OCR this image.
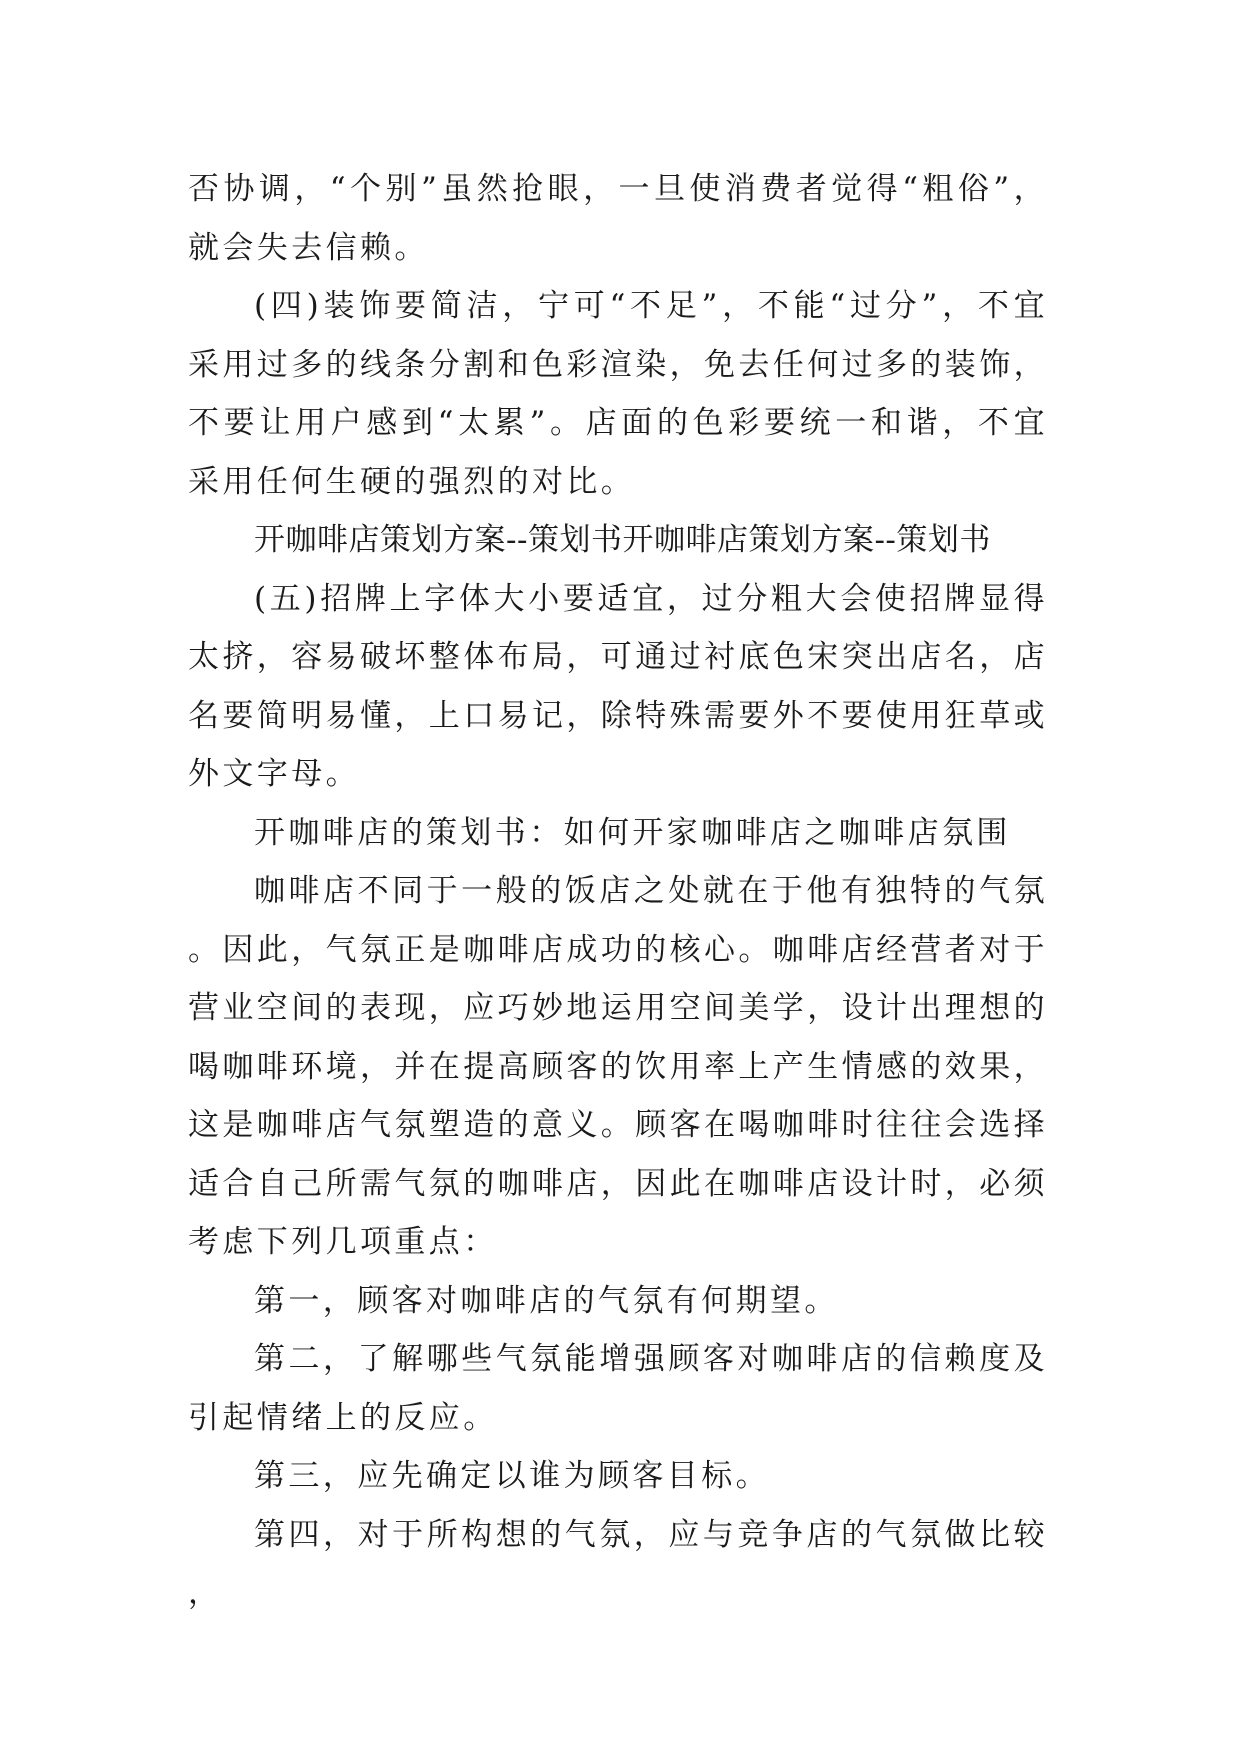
否协调，“个别”虽然抢眼，一旦使消费者觉得“粗俗”，就会失去信赖。

(四)装饰要简洁，宁可“不足”，不能“过分”，不宜采用过多的线条分割和色彩渲染，免去任何过多的装饰，不要让用户感到“太累”。店面的色彩要统一和谐，不宜采用任何生硬的强烈的对比。

开咖啡店策划方案--策划书开咖啡店策划方案--策划书

(五)招牌上字体大小要适宜，过分粗大会使招牌显得太挤，容易破坏整体布局，可通过衬底色宋突出店名，店名要简明易懂，上口易记，除特殊需要外不要使用狂草或外文字母。

开咖啡店的策划书：如何开家咖啡店之咖啡店氛围

咖啡店不同于一般的饭店之处就在于他有独特的气氛。因此，气氛正是咖啡店成功的核心。咖啡店经营者对于营业空间的表现，应巧妙地运用空间美学，设计出理想的喝咖啡环境，并在提高顾客的饮用率上产生情感的效果，这是咖啡店气氛塑造的意义。顾客在喝咖啡时往往会选择适合自己所需气氛的咖啡店，因此在咖啡店设计时，必须考虑下列几项重点：

第一，顾客对咖啡店的气氛有何期望。

第二，了解哪些气氛能增强顾客对咖啡店的信赖度及引起情绪上的反应。

第三，应先确定以谁为顾客目标。

第四，对于所构想的气氛，应与竞争店的气氛做比较，
